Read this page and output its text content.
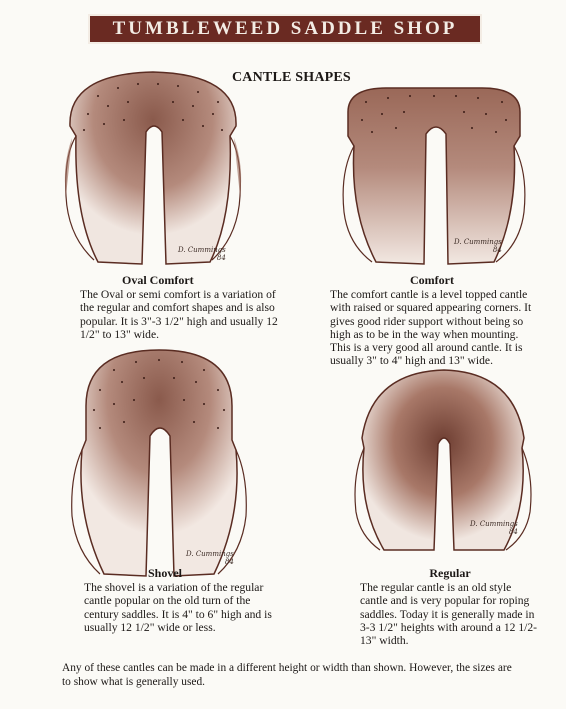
TUMBLEWEED SADDLE SHOP
CANTLE SHAPES
D. Cummings
84
D. Cummings
84
Oval Comfort
The Oval or semi comfort is a variation of the regular and comfort shapes and is also popular. It is 3"-3 1/2" high and usually 12 1/2" to 13" wide.
Comfort
The comfort cantle is a level topped cantle with raised or squared appearing corners. It gives good rider support without being so high as to be in the way when mounting. This is a very good all around cantle. It is usually 3" to 4" high and 13" wide.
D. Cummings
84
D. Cummings
84
Shovel
The shovel is a variation of the regular cantle popular on the old turn of the century saddles. It is 4" to 6" high and is usually 12 1/2" wide or less.
Regular
The regular cantle is an old style cantle and is very popular for roping saddles. Today it is generally made in 3-3 1/2" heights with around a 12 1/2-13" width.
Any of these cantles can be made in a different height or width than shown. However, the sizes are to show what is generally used.
